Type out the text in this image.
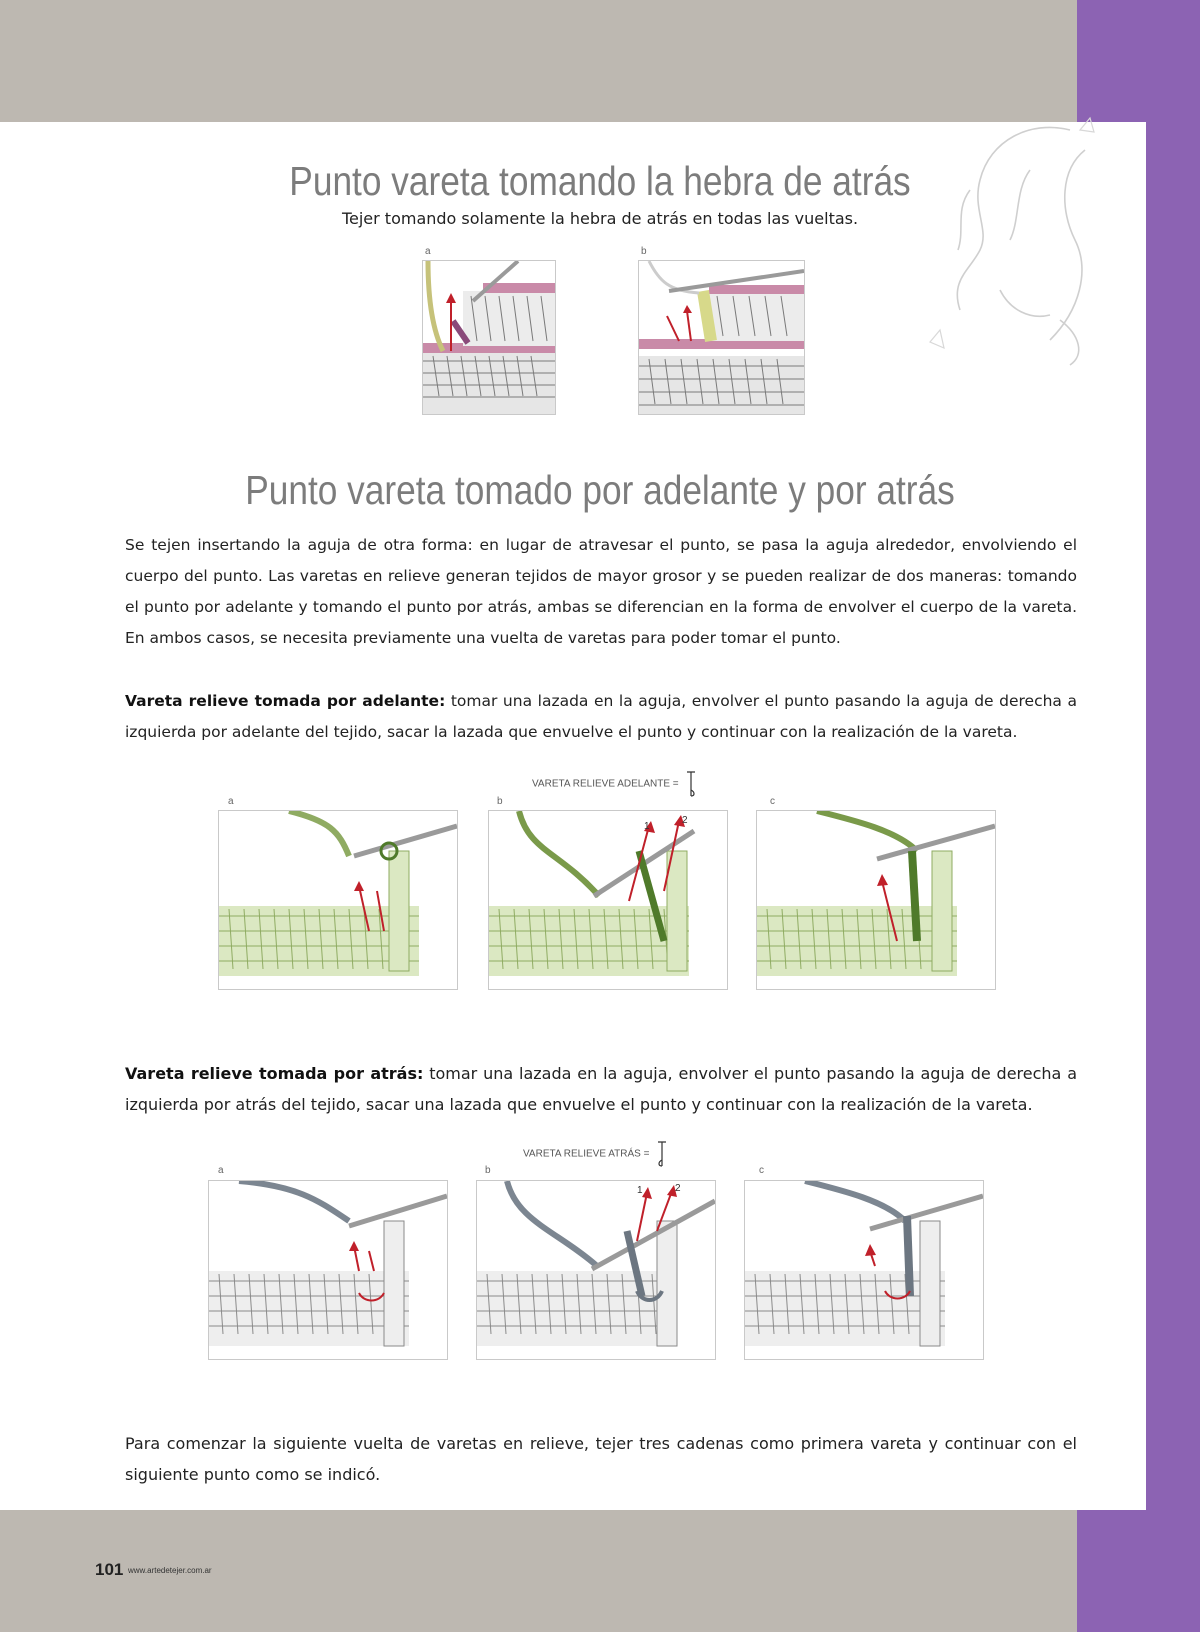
Punto vareta tomando la hebra de atrás
Tejer tomando solamente la hebra de atrás en todas las vueltas.
a	b
Punto vareta tomado por adelante y por atrás

Se tejen insertando la aguja de otra forma: en lugar de atravesar el punto, se pasa la aguja alrededor, envolviendo el cuerpo del punto. Las varetas en relieve generan tejidos de mayor grosor y se pueden realizar de dos maneras: tomando el punto por adelante y tomando el punto por atrás, ambas se diferencian en la forma de envolver el cuerpo de la vareta. En ambos casos, se necesita previamente una vuelta de varetas para poder tomar el punto.

Vareta relieve tomada por adelante: tomar una lazada en la aguja, envolver el punto pasando la aguja de derecha a izquierda por adelante del tejido, sacar la lazada que envuelve el punto y continuar con la realización de la vareta.

VARETA RELIEVE ADELANTE =
a	b	c
1
2

Vareta relieve tomada por atrás: tomar una lazada en la aguja, envolver el punto pasando la aguja de derecha a izquierda por atrás del tejido, sacar una lazada que envuelve el punto y continuar con la realización de la vareta.

VARETA RELIEVE ATRÁS =
a	b	c
1	2

Para comenzar la siguiente vuelta de varetas en relieve, tejer tres cadenas como primera vareta y continuar con el siguiente punto como se indicó.

101 www.artedetejer.com.ar
